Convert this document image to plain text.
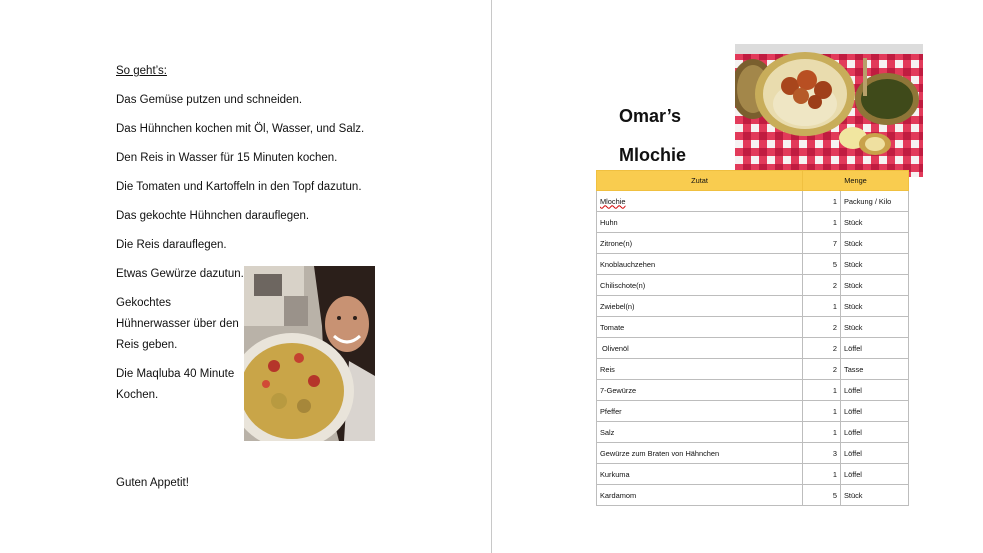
So geht’s:
Das Gemüse putzen und schneiden.
Das Hühnchen kochen mit Öl, Wasser, und Salz.
Den Reis in Wasser für 15 Minuten kochen.
Die Tomaten und Kartoffeln in den Topf dazutun.
Das gekochte Hühnchen darauflegen.
Die Reis darauflegen.
Etwas Gewürze dazutun.
Gekochtes
Hühnerwasser über den
Reis geben.
Die Maqluba 40 Minute
Kochen.
Guten Appetit!
Omar’s
Mlochie
Zutat	Menge	
Mlochie	1	Packung / Kilo
Huhn	1	Stück
Zitrone(n)	7	Stück
Knoblauchzehen	5	Stück
Chilischote(n)	2	Stück
Zwiebel(n)	1	Stück
Tomate	2	Stück
Olivenöl	2	Löffel
Reis	2	Tasse
7-Gewürze	1	Löffel
Pfeffer	1	Löffel
Salz	1	Löffel
Gewürze zum Braten von Hähnchen	3	Löffel
Kurkuma	1	Löffel
Kardamom	5	Stück
